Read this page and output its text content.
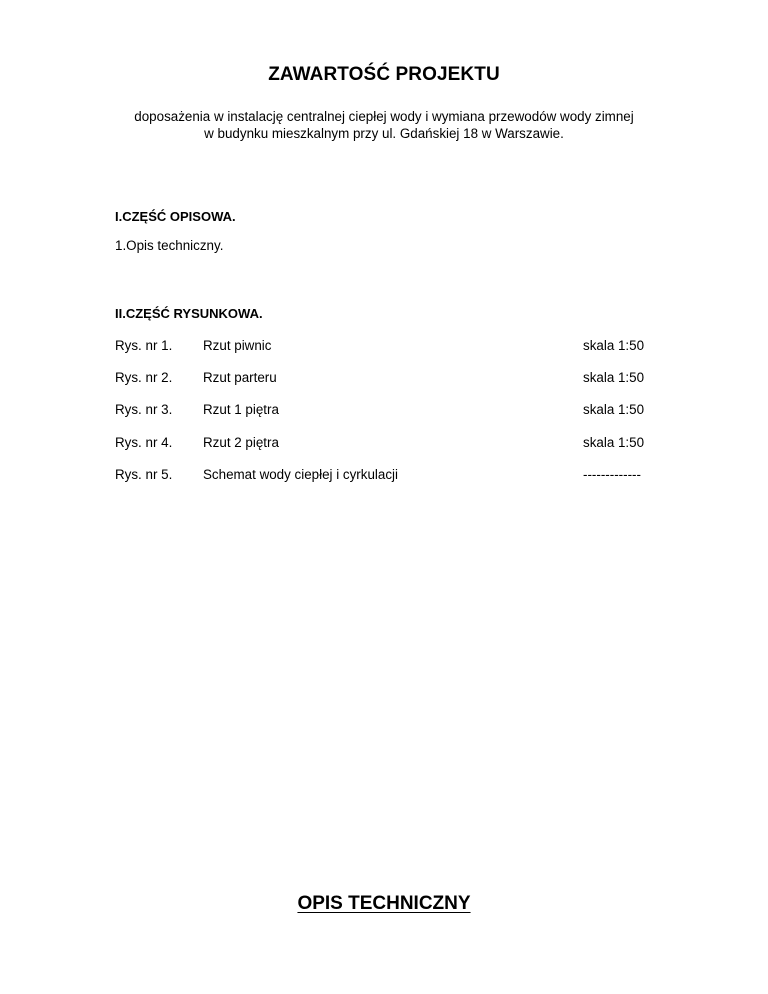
ZAWARTOŚĆ PROJEKTU
doposażenia w instalację centralnej ciepłej wody i wymiana przewodów wody zimnej
w budynku mieszkalnym przy ul. Gdańskiej 18 w Warszawie.
I.CZĘŚĆ OPISOWA.
1.Opis techniczny.
II.CZĘŚĆ RYSUNKOWA.
Rys. nr 1. Rzut piwnic	skala 1:50
Rys. nr 2. Rzut parteru	skala 1:50
Rys. nr 3. Rzut 1 piętra	skala 1:50
Rys. nr 4. Rzut 2 piętra	skala 1:50
Rys. nr 5. Schemat wody ciepłej i cyrkulacji	-------------
OPIS TECHNICZNY
